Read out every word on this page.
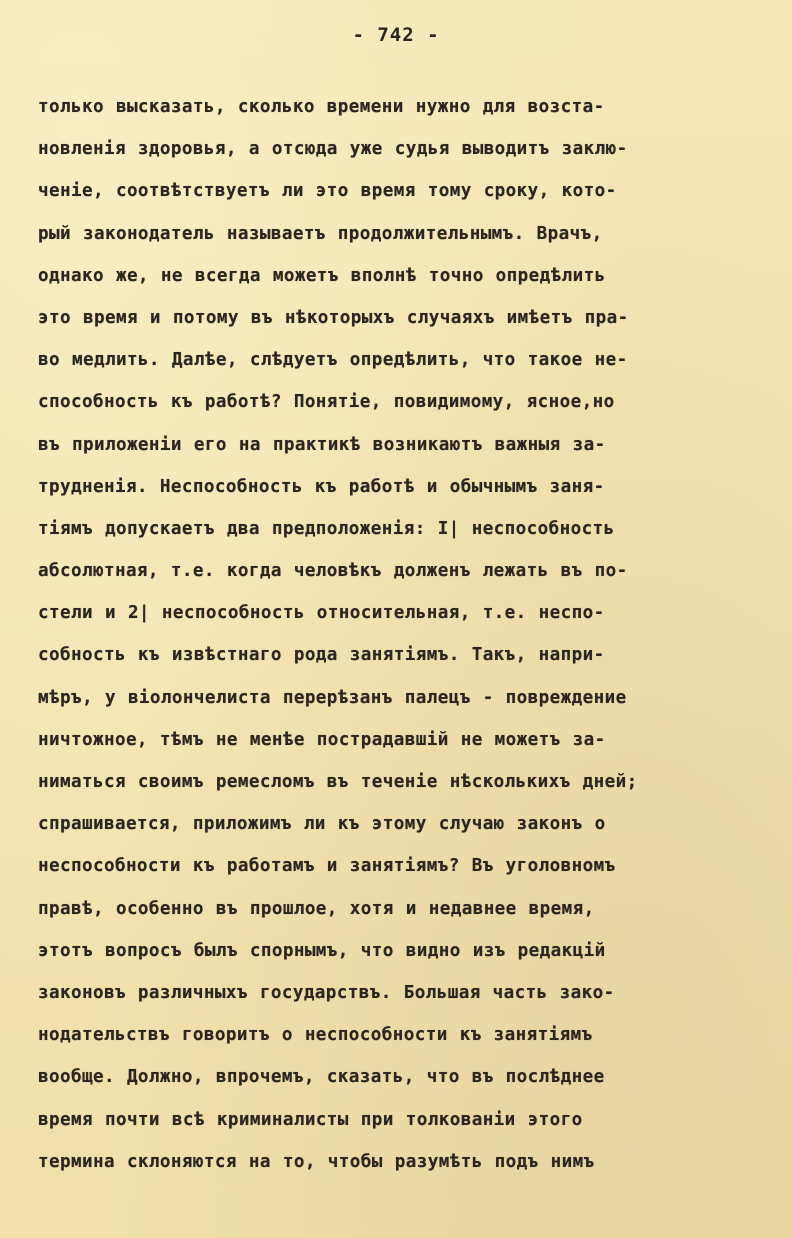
- 742 -
только высказать, сколько времени нужно для возста-
новленія здоровья, а отсюда уже судья выводитъ заклю-
ченіе, соотвѣтствуетъ ли это время тому сроку, кото-
рый законодатель называетъ продолжительнымъ. Врачъ,
однако же, не всегда можетъ вполнѣ точно опредѣлить
это время и потому въ нѣкоторыхъ случаяхъ имѣетъ пра-
во медлить. Далѣе, слѣдуетъ опредѣлить, что такое не-
способность къ работѣ? Понятіе, повидимому, ясное,но
въ приложеніи его на практикѣ возникаютъ важныя за-
трудненія. Неспособность къ работѣ и обычнымъ заня-
тіямъ допускаетъ два предположенія: I| неспособность
абсолютная, т.е. когда человѣкъ долженъ лежать въ по-
стели и 2| неспособность относительная, т.е. неспо-
собность къ извѣстнаго рода занятіямъ. Такъ, напри-
мѣръ, у віолончелиста перерѣзанъ палецъ - повреждение
ничтожное, тѣмъ не менѣе пострадавшій не можетъ за-
ниматься своимъ ремесломъ въ теченіе нѣсколькихъ дней;
спрашивается, приложимъ ли къ этому случаю законъ о
неспособности къ работамъ и занятіямъ? Въ уголовномъ
правѣ, особенно въ прошлое, хотя и недавнее время,
этотъ вопросъ былъ спорнымъ, что видно изъ редакцій
законовъ различныхъ государствъ. Большая часть зако-
нодательствъ говоритъ о неспособности къ занятіямъ
вообще. Должно, впрочемъ, сказать, что въ послѣднее
время почти всѣ криминалисты при толкованіи этого
термина склоняются на то, чтобы разумѣть подъ нимъ
